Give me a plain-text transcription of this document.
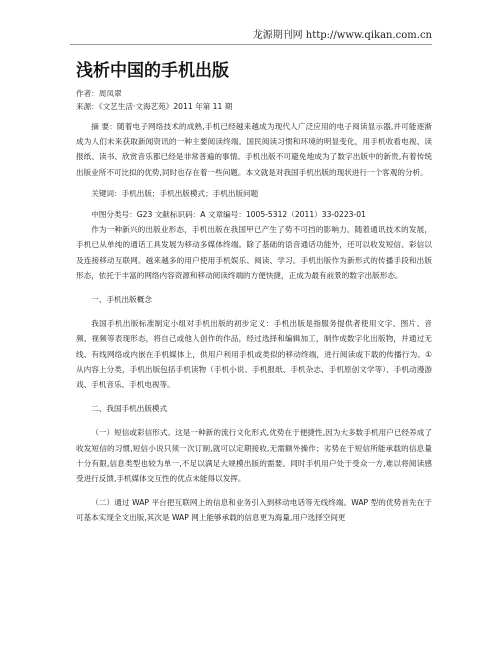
龙源期刊网 http://www.qikan.com.cn
浅析中国的手机出版
作者：周凤翠
来源：《文艺生活·文海艺苑》2011 年第 11 期

摘 要：随着电子网络技术的成熟,手机已经越来越成为现代人广泛应用的电子阅读显示器,并可能逐渐成为人们未来获取新闻资讯的一种主要阅读终端。国民阅读习惯和环境的明显变化，用手机收看电视、读报纸、读书、欣赏音乐都已经是非常普遍的事情。手机出版不可避免地成为了数字出版中的新贵,有着传统出版业所不可比拟的优势,同时也存在着一些问题。本文就是对我国手机出版的现状进行一个客观的分析。

关键词：手机出版；手机出版模式；手机出版问题

中图分类号：G23 文献标识码：A 文章编号：1005-5312（2011）33-0223-01

作为一种新兴的出版业形态，手机出版在我国甲已产生了势不可挡的影响力。随着通讯技术的发展，手机已从单纯的通话工具发展为移动多媒体终端。除了基础的语音通话功能外，还可以收发短信、彩信以及连接移动互联网。越来越多的用户使用手机娱乐、阅读、学习。手机出版作为新形式的传播手段和出版形态，依托于丰富的网络内容资源和移动阅读终端的方便快捷，正成为最有前景的数字出版形态。

一、手机出版概念

我国手机出版标准制定小组对手机出版的初步定义：手机出版是指服务提供者使用文字、图片、音频、视频等表现形态，将自己或他人创作的作品，经过选择和编辑加工，制作成数字化出版物，并通过无线、有线网络或内嵌在手机媒体上，供用户利用手机或类似的移动终端，进行阅读或下载的传播行为。①从内容上分类，手机出版包括手机读物（手机小说、手机报纸、手机杂志、手机原创文学等）、手机动漫游戏、手机音乐、手机电视等。

二、我国手机出版模式

（一）短信或彩信形式。这是一种新的流行文化形式,优势在于便捷性,因为大多数手机用户已经养成了收发短信的习惯,短信小说只须一次订制,就可以定期接收,无需额外操作；劣势在于短信所能承载的信息量十分有限,信息类型也较为单一,不足以满足大规模出版的需要。同时手机用户处于受众一方,难以将阅读感受进行反馈,手机媒体交互性的优点未能得以发挥。

（二）通过 WAP 平台把互联网上的信息和业务引入到移动电话等无线终端。WAP 型的优势首先在于可基本实现全文出版,其次是 WAP 网上能够承载的信息更为海量,用户选择空间更
